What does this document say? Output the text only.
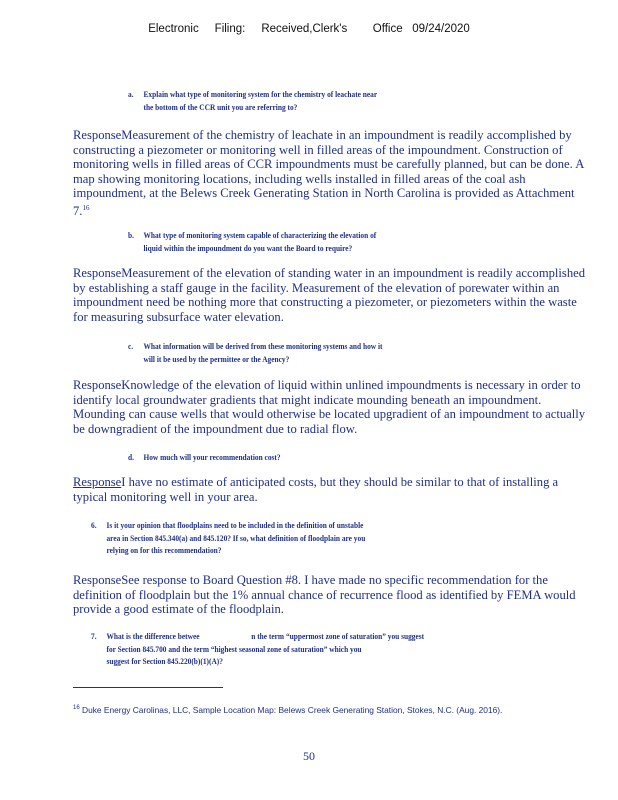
Electronic     Filing:     Received,Clerk's        Office   09/24/2020
a. Explain what type of monitoring system for the chemistry of leachate near
the bottom of the CCR unit you are referring to?
ResponseMeasurement of the chemistry of leachate in an impoundment is readily accomplished by constructing a piezometer or monitoring well in filled areas of the impoundment. Construction of monitoring wells in filled areas of CCR impoundments must be carefully planned, but can be done. A map showing monitoring locations, including wells installed in filled areas of the coal ash impoundment, at the Belews Creek Generating Station in North Carolina is provided as Attachment 7.16
b. What type of monitoring system capable of characterizing the elevation of
liquid within the impoundment do you want the Board to require?
ResponseMeasurement of the elevation of standing water in an impoundment is readily accomplished by establishing a staff gauge in the facility. Measurement of the elevation of porewater within an impoundment need be nothing more that constructing a piezometer, or piezometers within the waste for measuring subsurface water elevation.
c. What information will be derived from these monitoring systems and how it
will it be used by the permittee or the Agency?
ResponseKnowledge of the elevation of liquid within unlined impoundments is necessary in order to identify local groundwater gradients that might indicate mounding beneath an impoundment. Mounding can cause wells that would otherwise be located upgradient of an impoundment to actually be downgradient of the impoundment due to radial flow.
d. How much will your recommendation cost?
ResponseI have no estimate of anticipated costs, but they should be similar to that of installing a typical monitoring well in your area.
6. Is it your opinion that floodplains need to be included in the definition of unstable
area in Section 845.340(a) and 845.120? If so, what definition of floodplain are you
relying on for this recommendation?
ResponseSee response to Board Question #8. I have made no specific recommendation for the definition of floodplain but the 1% annual chance of recurrence flood as identified by FEMA would provide a good estimate of the floodplain.
7. What is the difference betwee                            n the term “uppermost zone of saturation” you suggest
for Section 845.700 and the term “highest seasonal zone of saturation” which you
suggest for Section 845.220(b)(1)(A)?
$^{16}$ Duke Energy Carolinas, LLC, Sample Location Map: Belews Creek Generating Station, Stokes, N.C. (Aug. 2016).
50
